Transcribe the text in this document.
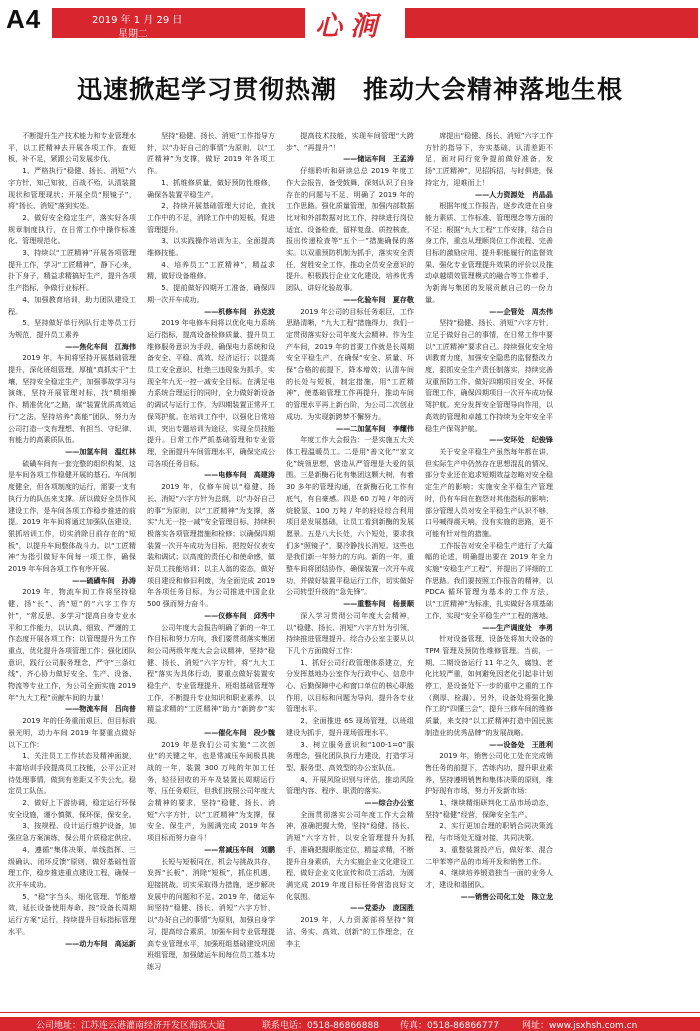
A4	2019 年 1 月 29 日
星期二	心涧
迅速掀起学习贯彻热潮　推动大会精神落地生根

不断提升生产技术能力和专业管理水平，以工匠精神去开展各项工作，查短板，补不足，紧跟公司发展步伐。

1、严格执行“稳健、扬长、消短”六字方针，知己知彼，百战不殆，认清装置现状和管理现状；开展全员“照镜子”，将“扬长、消短”落到实处。

2、做好安全稳定生产，落实好各项规章制度执行，在日常工作中操作标准化、管理规范化。

3、持续以“工匠精神”开展各项管理提升工作，学习“工匠精神”，静下心来，扑下身子，精益求精搞好生产，提升各项生产指标，争做行业标杆。

4、加强教育培训，助力团队建设工程。

5、坚持做好单行列队行走等员工行为规范，提升员工素养

——焦化车间　江海伟

2019 年，车间将坚持开展基础管理提升，深化班组管理，厚植“真抓实干”土壤，坚持安全稳定生产，加强事故学习与演练，坚持开展管理对标，找“精细操作、精准优化”之路，谋“装置优质高效运行”之法。坚持培养“高能”团队，努力为公司打造一支有理想、有担当、守纪律、有能力的高素质队伍。

——加氢车间　温红林

硫磺车间有一套完整的组织构架，这是车间各项工作稳健开展的基石。车间制度健全，但各项制度的运行，需要一支有执行力的队伍来支撑。所以做好全员作风建设工作，是车间各项工作稳步推进的前提。2019 年车间将通过加强队伍建设，狠抓培训工作，切实消除日前存在的“短板”，以提升车间整体战斗力。以“工匠精神”为指引做好车间每一项工作，确保 2019 年车间各项工作有序开展。

——硫磺车间　孙涛

2019 年，物流车间工作将坚持稳健、扬“长”、消“短”的“六字工作方针”，“常反思、多学习”提高自身专业水平和工作能力，以认真、细致、严谨的工作态度开展各项工作；以管理提升为工作重点，优化提升各项管理工作；强化团队意识，践行公司服务理念，严守“三条红线”，齐心协力做好安全、生产、设备、物流等专业工作，为公司全面实施 2019 年“九大工程”贡献车间的力量！

——物流车间　吕向普

2019 年的任务重而艰巨，但目标前景光明，动力车间 2019 年要重点做好以下工作：

1、关注员工工作状态及精神面貌，丰富培训手段提高员工技能，公平公正对待处理事情，做到有差距又不失公允，稳定员工队伍。

2、做好上下游协调，稳定运行环保安全设施，谨小慎微，保环保，保安全。

3、按规程、设计运行维护设备，加强应急方案演练，保公用介质稳定供应。

4、遵循“集体决策、单线指挥、三级确认、闭环反馈”原则，做好基础性管理工作，稳步推进重点建设工程，确保一次开车成功。

5、“稳”字当头，细化管理、节能增效，延长设备使用寿命，按“设备长周期运行方案”运行，持续提升目标指标管理水平。

——动力车间　高运新

坚持“稳健、扬长、消短”工作指导方针，以“办好自己的事情”为原则，以“工匠精神”为支撑，做好 2019 年各项工作。

1、抓维修质量，做好预防性维修，确保各装置平稳生产。

2、持续开展基础管理大讨论，查找工作中的不足，消除工作中的短板，促进管理提升。

3、以实践操作培训为主，全面提高维修技能。

4、培养员工“工匠精神”，精益求精，做好设备维修。

5、提前做好四期开工准备，确保四期一次开车成功。

——机修车间　孙克波

2019 年电修车间将以优化电力系统运行指标，提高设备检修质量、提升员工维修服务意识为手段，确保电力系统和设备安全、平稳、高效、经济运行；以提高员工安全意识、杜绝三违现象为抓手，实现全年九无一控一减安全目标。在满足电力系统合理运行的同时，全力做好新设备的调试与运行工作，为四期装置正常开工保驾护航。在培训工作中，以强化日常培训，突出专题培训为途径，实现全员技能提升。日常工作严抓基础管理和专业管理，全面提升车间管理水平，确保完成公司各项任务目标。

——电修车间　高建涛

2019 年，仪修车间以“稳健、扬长、消短”六字方针为总纲，以“办好自己的事”为原则，以“工匠精神”为支撑，落实“九无一控一减”安全管理目标，持续积极落实各项管理措施和检修；以确保四期装置一次开车成功为目标，把控好仪表安装和调试；以高度的责任心和使命感，做好员工技能培训；以主人翁的姿态，做好项目建设和修旧利废，为全面完成 2019 年各项任务目标，为公司推进中国企业 500 强而努力奋斗。

——仪修车间　邱秀中

公司年度大会报告明确了新的一年工作目标和努力方向，我们要贯彻落实集团和公司两级年度大会会议精神，坚持“稳健、扬长、消短”六字方针，将“九大工程”落实为具体行动，要重点做好装置安稳生产、专业管理提升、班组基础管理等工作，不断提升专业知识和职业素养，以精益求精的“工匠精神”助力“新跨步”实现。

——催化车间　段少魏

2019 年是我们公司实施“二次创业”的关键之年，也是常减压车间极具挑战的一年，装置 300 万吨的年加工任务，轻径回收的开车及装置长周期运行等，压任务艰巨，但我们按照公司年度大会精神的要求，坚持“稳健、扬长、消短”六字方针，以“工匠精神”为支撑，保安全、保生产，为圆满完成 2019 年各项目标而努力奋斗！

——常减压车间　刘鹏

长短与短板同在，机会与挑战共存，发挥“长板”，消除“短板”，抓住机遇，迎接挑战。切实采取得力措施，逐步解决发展中的问题和不足。2019 年，储运车间坚持“稳健、扬长、消短”六字方针，以“办好自己的事情”为原则，加强自身学习，提高综合素质，加强车间专业管理提高专业管理水平，加强班组基础建设巩固班组管理，加强储运车间每位员工基本功练习

提高技术技能，实现车间管理“大跨步”、“再提升”！

——储运车间　王孟涛

仔细聆听和研读总总 2019 年度工作大会报告，备受鼓舞，深刻认识了自身存在的问题与不足，明确了 2019 年的工作思路。强化质量管理，加强内部数据比对和外部数据对比工作，持续进行岗位适宜、设备检查，留样复盘、质控核查，报出传递检查等“五个一”措施确保的落实。以双重预防机制为抓手，落实安全责任，营胜安全工作，推动全员安全意识的提升。积极践行企业文化建设，培养优秀团队，讲好化验故事。

——化验车间　夏存敬

2019 年公司的目标任务艰巨，工作思路清晰，“九大工程”措施得力，我们一定贯彻落实好公司年度大会精神。作为生产车间，2019 年的首要工作就是长周期安全平稳生产，在确保“安全、质量、环保”合格的前提下，降本增效；认清车间的长处与短板，制定措施，用“工匠精神”，使基础管理工作再提升，推动车间的管理水平再上新台阶，为公司二次创业成功、为实现新跨梦不懈努力。

——二加氢车间　李耀伟

年度工作大会报告：一是实施五大关体工程温暖员工。二是用“善文化”“家文化”统领思想，营造从严管理是大爱的氛围。三是新酶石化有集团这颗大树，有着 30 多年的管理沟通，在新酶石化工作有底气，有自豪感。四是 60 万吨 / 年的丙烷脱氢、100 万吨 / 年的轻烃综合利用项目是发展基础，让员工看到新酶的发展愿景。五是八大长处，六个短处，要求我们多“照镜子”，要冷静找长消短。这些也是我们新一年努力的方向。新的一年，重整车间将团结协作，确保装置一次开车成功，并做好装置平稳运行工作，切实做好公司转型升级的“急先锋”。

——重整车间　杨景顺

深入学习贯彻公司年度大会精神，以“稳健、扬长、消短”六字方针为引领，持续推进管理提升。综合办公室主要从以下几个方面做好工作：

1、抓好公司行政管理体系建立，充分发挥基地办公室作为行政中心、信息中心、后勤保障中心和窗口单位的核心职能作用，以目标和问题为导向，提升各专业管理水平。

2、全面推进 6S 现场管理，以班组建设为抓手，提升现场管理水平。

3、树立服务意识和“100-1=0”服务理念，强化团队执行力建设，打造学习型、服务型、高效型的办公室队伍。

4、开展风险识别与评估，推动风险管理内容、程序、职责的落实。

——综合办公室

全面贯彻落实公司年度工作大会精神，准确把握大势，坚持“稳健、扬长、消短”六字方针，以安全管理提升为抓手，准确把握职能定位，精益求精，不断提升自身素质，大力实施企业文化建设工程，做好企业文化宣传和员工活动，为圆满完成 2019 年度目标任务营造良好文化氛围。

——党委办　庞国胜

2019 年，人力资源部将坚持“简洁、务实、高效、创新”的工作理念，在李主

席提出“稳健、扬长、消短”六字工作方针的指导下，夯实基础，认清差距不足，面对同行竞争提前做好准备，发扬“工匠精神”，见招拆招，与时俱进，保持定力，迎难而上！

——人力资源处　肖晶晶

根据年度工作报告，逐步改进在自身能力素质、工作标准、管理理念等方面的不足；根据“九大工程”工作安排，结合自身工作，重点从理顺岗位工作流程、完善目标的激励应用、提升职能履行的监督效果、强化专业管理提升效果的评价以及推动卓越绩效管理模式的融合等工作着手，为新海与集团的发展贡献自己的一份力量。

——企管处　周杰伟

坚持“稳健、扬长、消短”六字方针，立足于做好自己的事情，在日常工作中要以“工匠精神”要求自己。持续强化安全培训教育力度，加强安全隐患的监督整改力度，狠抓安全生产责任制落实，持续完善双重预防工作。做好四期项目安全、环保管理工作，确保四期项目一次开车成功保驾护航。充分发挥安全管理导向作用，以高效的管理和卓越工作持续为全年安全平稳生产保驾护航。

——安环处　纪俊锋

关于安全平稳生产虽然每年都在讲，但实际生产中仍然存在思想混乱的情况，部分专业还在追求短期效益忽略对安全稳定生产的影响；实施安全平稳生产管理时，仍有车间在抱怨对其他指标的影响；部分管理人员对安全平稳生产认识不够，口号喊得震天响，没有实施的思路，更不可能有针对性的措施。

工作报告对安全平稳生产进行了大篇幅的论述，明确提出要在 2019 年全力实施“安稳生产工程”，并提出了详细的工作思路。我们要按照工作报告的精神，以 PDCA 循环管理为基本的工作方法，以“工匠精神”为标准，扎实做好各项基础工作，实现“安全平稳生产”工程的落地。

——生产调度处　李勇

针对设备管理，设备处将加大设备的 TPM 管理及预防性维修管理。当前，一期、二期设备运行 11 年之久，腐蚀、老化比较严重，如何避免因老化引起非计划停工，是设备处下一步的重中之重的工作（测厚、检漏）。另外，设备处将强化操作工的“四懂三会”，提升三修车间的维修质量，来支持“以工匠精神打造中国民族制造业的优秀品牌”的发展战略。

——设备处　王胜利

2019 年，销售公司化工处在完成销售任务的前提下，苦练内功，提升职业素养，坚持遵明销售和集体决策的原则，维护好现有市场，努力开发新市场：

1、继续精细研判化工品市场动态，坚持“稳健”经营，保障安全生产。

2、实行更加合理的职销合同决策流程，与市场处无缝对接，共同决策。

3、重整装置投产后，做好苯、混合二甲苯等产品的市场开发和销售工作。

4、继续培养锻造独当一面的业务人才，建设和谐团队。

——销售公司化工处　陈立龙

公司地址：江苏连云港灌南经济开发区海滨大道	联系电话：0518-86866888 传真：0518-86866777	网址：www.jsxhsh.com.cn
